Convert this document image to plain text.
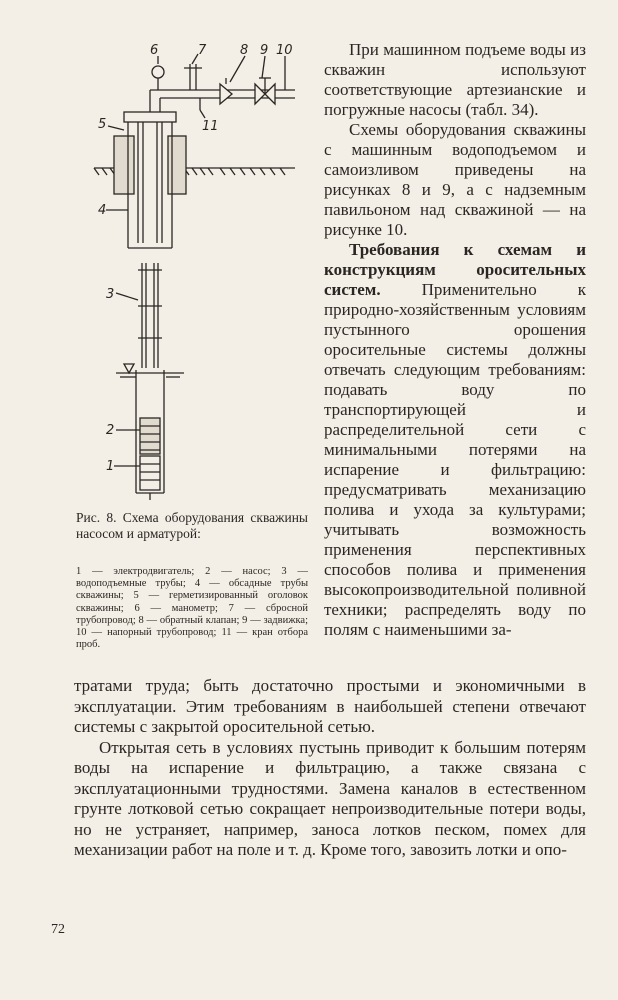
6	7	8 9 10
11
5
4
3
2
1

При машинном подъеме воды из скважин используют соответствующие артезианские и погружные насосы (табл. 34).

Схемы оборудования скважины с машинным водоподъемом и самоизливом приведены на рисунках 8 и 9, а с надземным павильоном над скважиной — на рисунке 10.

Требования к схемам и конструкциям оросительных систем. Применительно к природно-хозяйственным условиям пустынного орошения оросительные системы должны отвечать следующим требованиям: подавать воду по транспортирующей и распределительной сети с минимальными потерями на испарение и фильтрацию: предусматривать механизацию полива и ухода за культурами; учитывать возможность применения перспективных способов полива и применения высокопроизводительной поливной техники; распределять воду по полям с наименьшими за-

Рис. 8. Схема оборудования скважины насосом и арматурой:
1 — электродвигатель; 2 — насос; 3 — водоподъемные трубы; 4 — обсадные трубы скважины; 5 — герметизированный оголовок скважины; 6 — манометр; 7 — сбросной трубопровод; 8 — обратный клапан; 9 — задвижка; 10 — напорный трубопровод; 11 — кран отбора проб.

тратами труда; быть достаточно простыми и экономичными в эксплуатации. Этим требованиям в наибольшей степени отвечают системы с закрытой оросительной сетью.

Открытая сеть в условиях пустынь приводит к большим потерям воды на испарение и фильтрацию, а также связана с эксплуатационными трудностями. Замена каналов в естественном грунте лотковой сетью сокращает непроизводительные потери воды, но не устраняет, например, заноса лотков песком, помех для механизации работ на поле и т. д. Кроме того, завозить лотки и опо-

72
